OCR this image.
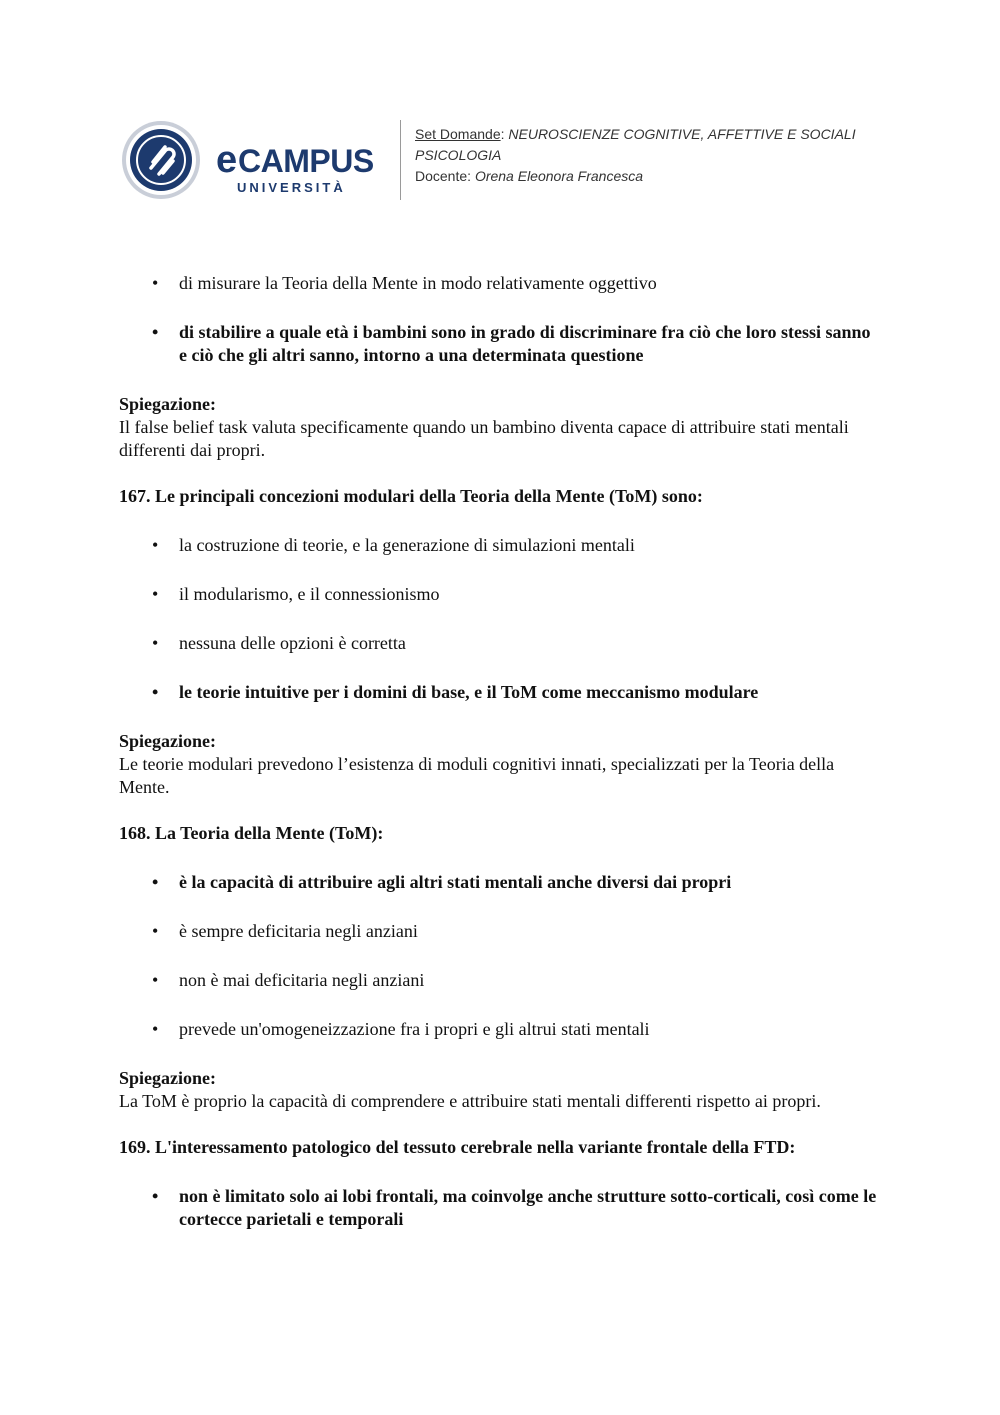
e CAMPUS
UNIVERSITÀ
Set Domande: NEUROSCIENZE COGNITIVE, AFFETTIVE E SOCIALI
PSICOLOGIA
Docente: Orena Eleonora Francesca
• di misurare la Teoria della Mente in modo relativamente oggettivo
• di stabilire a quale età i bambini sono in grado di discriminare fra ciò che loro stessi sanno e ciò che gli altri sanno, intorno a una determinata questione
Spiegazione:
Il false belief task valuta specificamente quando un bambino diventa capace di attribuire stati mentali differenti dai propri.
167. Le principali concezioni modulari della Teoria della Mente (ToM) sono:
• la costruzione di teorie, e la generazione di simulazioni mentali
• il modularismo, e il connessionismo
• nessuna delle opzioni è corretta
• le teorie intuitive per i domini di base, e il ToM come meccanismo modulare
Spiegazione:
Le teorie modulari prevedono l’esistenza di moduli cognitivi innati, specializzati per la Teoria della Mente.
168. La Teoria della Mente (ToM):
• è la capacità di attribuire agli altri stati mentali anche diversi dai propri
• è sempre deficitaria negli anziani
• non è mai deficitaria negli anziani
• prevede un'omogeneizzazione fra i propri e gli altrui stati mentali
Spiegazione:
La ToM è proprio la capacità di comprendere e attribuire stati mentali differenti rispetto ai propri.
169. L'interessamento patologico del tessuto cerebrale nella variante frontale della FTD:
• non è limitato solo ai lobi frontali, ma coinvolge anche strutture sotto-corticali, così come le cortecce parietali e temporali
